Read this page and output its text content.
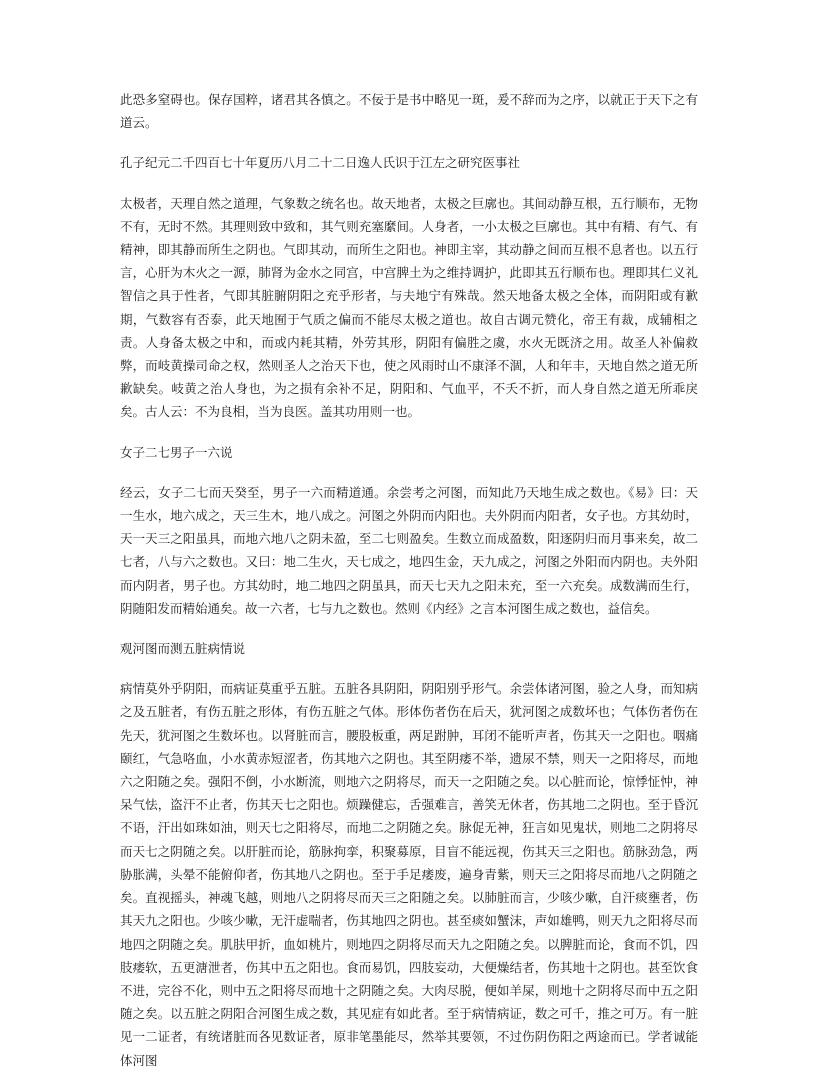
此恐多窒碍也。保存国粹，诸君其各慎之。不佞于是书中略见一斑，爰不辞而为之序，以就正于天下之有道云。

孔子纪元二千四百七十年夏历八月二十二日逸人氏识于江左之研究医事社

太极者，天理自然之道理，气象数之统名也。故天地者，太极之巨廓也。其间动静互根，五行顺布，无物不有，无时不然。其理则致中致和，其气则充塞縻间。人身者，一小太极之巨廓也。其中有精、有气、有精神，即其静而所生之阴也。气即其动，而所生之阳也。神即主宰，其动静之间而互根不息者也。以五行言，心肝为木火之一源，肺肾为金水之同宫，中宫脾土为之维持调护，此即其五行顺布也。理即其仁义礼智信之具于性者，气即其脏腑阴阳之充乎形者，与夫地宁有殊哉。然天地备太极之全体，而阴阳或有歉期，气数容有否泰，此天地囿于气质之偏而不能尽太极之道也。故自古调元赞化，帝王有裁，成辅相之责。人身备太极之中和，而或内耗其精，外劳其形，阴阳有偏胜之虞，水火无既济之用。故圣人补偏救弊，而岐黄操司命之权，然则圣人之治天下也，使之风雨时山不康泽不涸，人和年丰，天地自然之道无所歉缺矣。岐黄之治人身也，为之损有余补不足，阴阳和、气血平，不夭不折，而人身自然之道无所乖戾矣。古人云：不为良相，当为良医。盖其功用则一也。

女子二七男子一六说

经云，女子二七而天癸至，男子一六而精道通。余尝考之河图，而知此乃天地生成之数也。《易》曰：天一生水，地六成之，天三生木，地八成之。河图之外阴而内阳也。夫外阴而内阳者，女子也。方其幼时，天一天三之阳虽具，而地六地八之阴未盈，至二七则盈矣。生数立而成盈数，阳逐阴归而月事来矣，故二七者，八与六之数也。又曰：地二生火，天七成之，地四生金，天九成之，河图之外阳而内阴也。夫外阳而内阴者，男子也。方其幼时，地二地四之阴虽具，而天七天九之阳未充，至一六充矣。成数满而生行，阴随阳发而精始通矣。故一六者，七与九之数也。然则《内经》之言本河图生成之数也，益信矣。

观河图而测五脏病情说

病情莫外乎阴阳，而病证莫重乎五脏。五脏各具阴阳，阴阳别乎形气。余尝体诸河图，验之人身，而知病之及五脏者，有伤五脏之形体，有伤五脏之气体。形体伤者伤在后天，犹河图之成数坏也；气体伤者伤在先天，犹河图之生数坏也。以肾脏而言，腰股板重，两足跗肿，耳闭不能听声者，伤其天一之阳也。咽痛颐红，气急咯血，小水黄赤短涩者，伤其地六之阴也。其至阴痿不举，遗尿不禁，则天一之阳将尽，而地六之阳随之矣。强阳不倒，小水断流，则地六之阴将尽，而天一之阳随之矣。以心脏而论，惊悸怔忡，神呆气怯，盗汗不止者，伤其天七之阳也。烦躁健忘，舌强难言，善笑无休者，伤其地二之阴也。至于昏沉不语，汗出如珠如油，则天七之阳将尽，而地二之阴随之矣。脉促无神，狂言如见鬼状，则地二之阴将尽而天七之阴随之矣。以肝脏而论，筋脉拘挛，积聚募原，目盲不能远视，伤其天三之阳也。筋脉劲急，两胁胀满，头晕不能俯仰者，伤其地八之阴也。至于手足痿废，遍身青紫，则天三之阳将尽而地八之阴随之矣。直视摇头，神魂飞越，则地八之阴将尽而天三之阳随之矣。以肺脏而言，少咳少嗽，自汗痰壅者，伤其天九之阳也。少咳少嗽，无汗虚喘者，伤其地四之阴也。甚至痰如蟹沫，声如雄鸭，则天九之阳将尽而地四之阴随之矣。肌肤甲折，血如桃片，则地四之阴将尽而天九之阳随之矣。以脾脏而论，食而不饥，四肢痿软，五更溏泄者，伤其中五之阳也。食而易饥，四肢妄动，大便燥结者，伤其地十之阴也。甚至饮食不进，完谷不化，则中五之阳将尽而地十之阴随之矣。大肉尽脱，便如羊屎，则地十之阴将尽而中五之阳随之矣。以五脏之阴阳合河图生成之数，其见症有如此者。至于病情病证，数之可千，推之可万。有一脏见一二证者，有统诸脏而各见数证者，原非笔墨能尽，然举其要领，不过伤阴伤阳之两途而已。学者诚能体河图
